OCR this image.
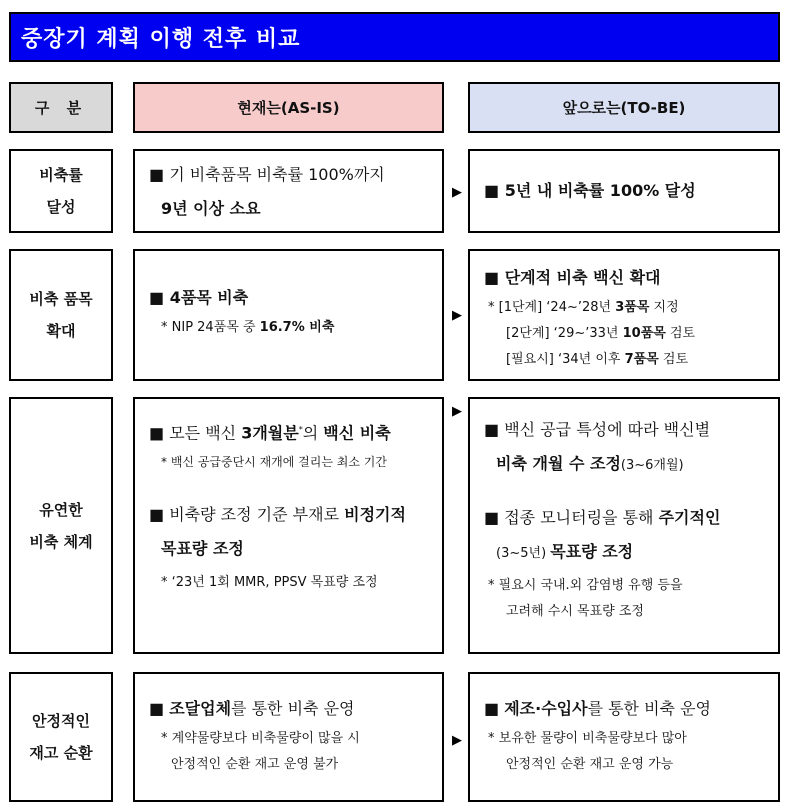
중장기 계획 이행 전후 비교
구 분	현재는(AS-IS)	앞으로는(TO-BE)
비축률
달성
■ 기 비축품목 비축률 100%까지
9년 이상 소요
▶ ■ 5년 내 비축률 100% 달성
비축 품목
확대
■ 4품목 비축
* NIP 24품목 중 16.7% 비축
▶
■ 단계적 비축 백신 확대
* [1단계] ‘24~’28년 3품목 지정
[2단계] ‘29~’33년 10품목 검토
[필요시] ‘34년 이후 7품목 검토
유연한
비축 체계
■ 모든 백신 3개월분*의 백신 비축
* 백신 공급중단시 재개에 걸리는 최소 기간
■ 비축량 조정 기준 부재로 비정기적
목표량 조정
* ‘23년 1회 MMR, PPSV 목표량 조정
▶
■ 백신 공급 특성에 따라 백신별
비축 개월 수 조정(3~6개월)
■ 접종 모니터링을 통해 주기적인
(3~5년) 목표량 조정
* 필요시 국내.외 감염병 유행 등을
고려해 수시 목표량 조정
안정적인
재고 순환
■ 조달업체를 통한 비축 운영
* 계약물량보다 비축물량이 많을 시
안정적인 순환 재고 운영 불가
▶
■ 제조·수입사를 통한 비축 운영
* 보유한 물량이 비축물량보다 많아
안정적인 순환 재고 운영 가능
